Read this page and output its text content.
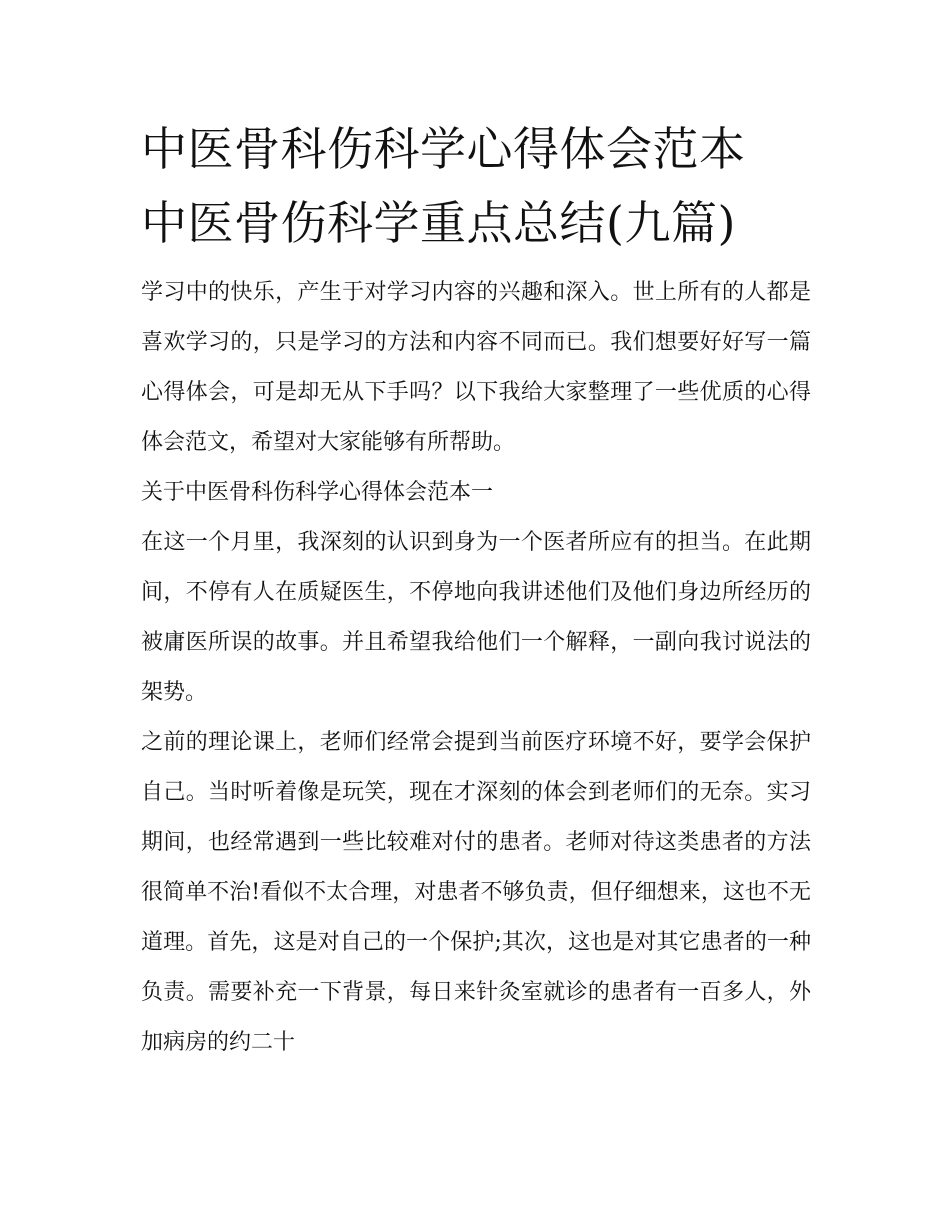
中医骨科伤科学心得体会范本
中医骨伤科学重点总结(九篇)

学习中的快乐，产生于对学习内容的兴趣和深入。世上所有的人都是喜欢学习的，只是学习的方法和内容不同而已。我们想要好好写一篇心得体会，可是却无从下手吗？以下我给大家整理了一些优质的心得体会范文，希望对大家能够有所帮助。

关于中医骨科伤科学心得体会范本一

在这一个月里，我深刻的认识到身为一个医者所应有的担当。在此期间，不停有人在质疑医生，不停地向我讲述他们及他们身边所经历的被庸医所误的故事。并且希望我给他们一个解释，一副向我讨说法的架势。

之前的理论课上，老师们经常会提到当前医疗环境不好，要学会保护自己。当时听着像是玩笑，现在才深刻的体会到老师们的无奈。实习期间，也经常遇到一些比较难对付的患者。老师对待这类患者的方法很简单不治!看似不太合理，对患者不够负责，但仔细想来，这也不无道理。首先，这是对自己的一个保护;其次，这也是对其它患者的一种负责。需要补充一下背景，每日来针灸室就诊的患者有一百多人，外加病房的约二十
